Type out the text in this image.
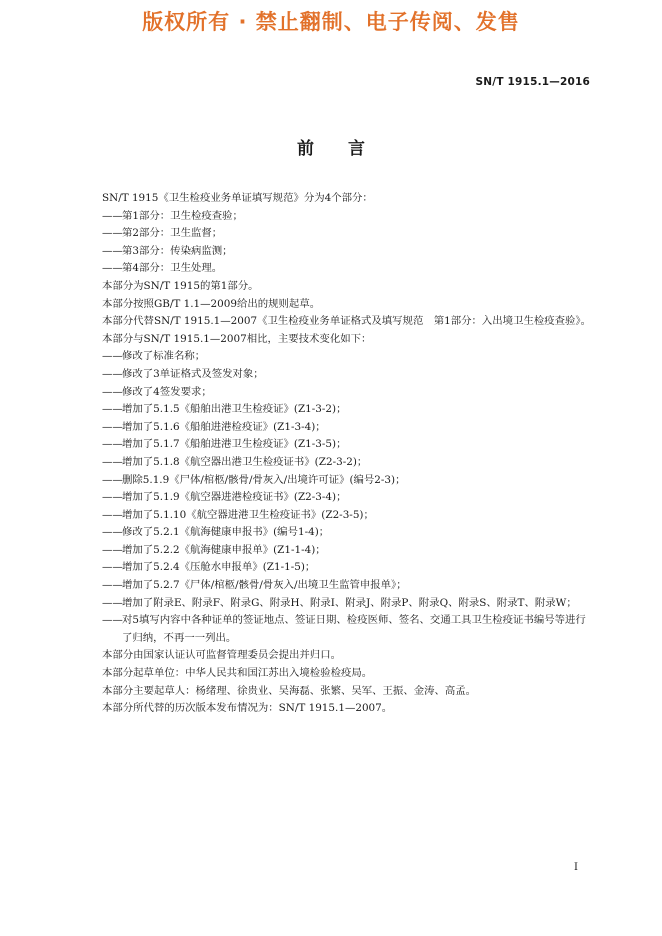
版权所有 · 禁止翻制、电子传阅、发售
SN/T 1915.1—2016
前言
SN/T 1915《卫生检疫业务单证填写规范》分为4个部分：
—— 第1部分：卫生检疫查验；
—— 第2部分：卫生监督；
—— 第3部分：传染病监测；
—— 第4部分：卫生处理。
本部分为SN/T 1915的第1部分。
本部分按照GB/T 1.1—2009给出的规则起草。
本部分代替SN/T 1915.1—2007《卫生检疫业务单证格式及填写规范　第1部分：入出境卫生检疫查验》。
本部分与SN/T 1915.1—2007相比，主要技术变化如下：
—— 修改了标准名称；
—— 修改了3单证格式及签发对象；
—— 修改了4签发要求；
—— 增加了5.1.5《船舶出港卫生检疫证》(Z1-3-2)；
—— 增加了5.1.6《船舶进港检疫证》(Z1-3-4)；
—— 增加了5.1.7《船舶进港卫生检疫证》(Z1-3-5)；
—— 增加了5.1.8《航空器出港卫生检疫证书》(Z2-3-2)；
—— 删除5.1.9《尸体/棺柩/骸骨/骨灰入/出境许可证》(编号2-3)；
—— 增加了5.1.9《航空器进港检疫证书》(Z2-3-4)；
—— 增加了5.1.10《航空器进港卫生检疫证书》(Z2-3-5)；
—— 修改了5.2.1《航海健康申报书》(编号1-4)；
—— 增加了5.2.2《航海健康申报单》(Z1-1-4)；
—— 增加了5.2.4《压舱水申报单》(Z1-1-5)；
—— 增加了5.2.7《尸体/棺柩/骸骨/骨灰入/出境卫生监管申报单》；
—— 增加了附录E、附录F、附录G、附录H、附录I、附录J、附录P、附录Q、附录S、附录T、附录W；
—— 对5填写内容中各种证单的签证地点、签证日期、检疫医师、签名、交通工具卫生检疫证书编号等进行了归纳，不再一一列出。
本部分由国家认证认可监督管理委员会提出并归口。
本部分起草单位：中华人民共和国江苏出入境检验检疫局。
本部分主要起草人：杨绪理、徐贵业、吴海磊、张繁、吴军、王振、金涛、高孟。
本部分所代替的历次版本发布情况为：SN/T 1915.1—2007。
I
